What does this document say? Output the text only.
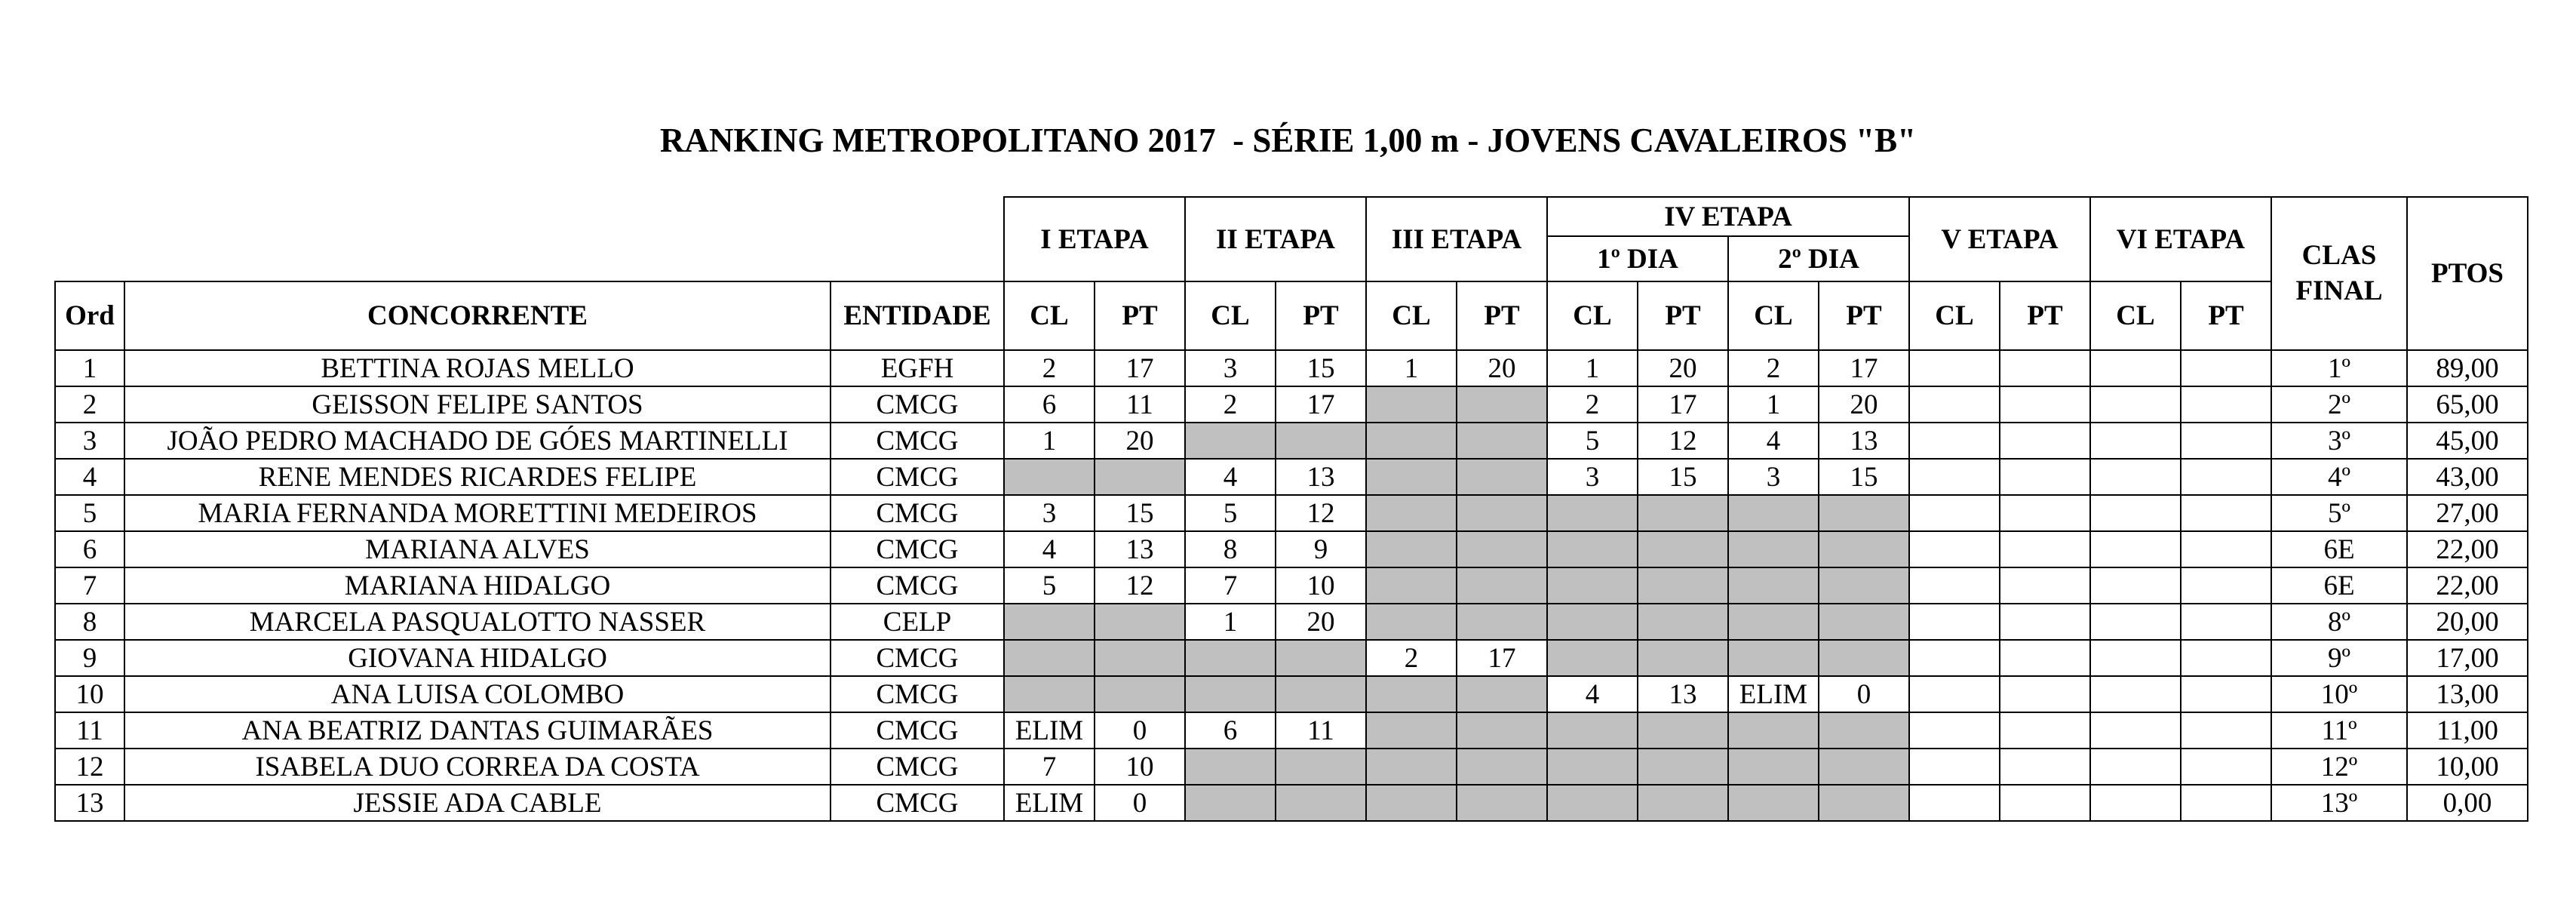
RANKING METROPOLITANO 2017  - SÉRIE 1,00 m - JOVENS CAVALEIROS "B"
			I ETAPA		II ETAPA		III ETAPA		IV ETAPA				V ETAPA		VI ETAPA		CLAS FINAL	PTOS
									1º DIA		2º DIA							
Ord	CONCORRENTE	ENTIDADE	CL	PT	CL	PT	CL	PT	CL	PT	CL	PT	CL	PT	CL	PT		
1	BETTINA ROJAS MELLO	EGFH	2	17	3	15	1	20	1	20	2	17					1º	89,00
2	GEISSON FELIPE SANTOS	CMCG	6	11	2	17			2	17	1	20					2º	65,00
3	JOÃO PEDRO MACHADO DE GÓES MARTINELLI	CMCG	1	20					5	12	4	13					3º	45,00
4	RENE MENDES RICARDES FELIPE	CMCG			4	13			3	15	3	15					4º	43,00
5	MARIA FERNANDA MORETTINI MEDEIROS	CMCG	3	15	5	12											5º	27,00
6	MARIANA ALVES	CMCG	4	13	8	9											6E	22,00
7	MARIANA HIDALGO	CMCG	5	12	7	10											6E	22,00
8	MARCELA PASQUALOTTO NASSER	CELP			1	20											8º	20,00
9	GIOVANA HIDALGO	CMCG					2	17									9º	17,00
10	ANA LUISA COLOMBO	CMCG							4	13	ELIM	0					10º	13,00
11	ANA BEATRIZ DANTAS GUIMARÃES	CMCG	ELIM	0	6	11											11º	11,00
12	ISABELA DUO CORREA DA COSTA	CMCG	7	10													12º	10,00
13	JESSIE ADA CABLE	CMCG	ELIM	0													13º	0,00
